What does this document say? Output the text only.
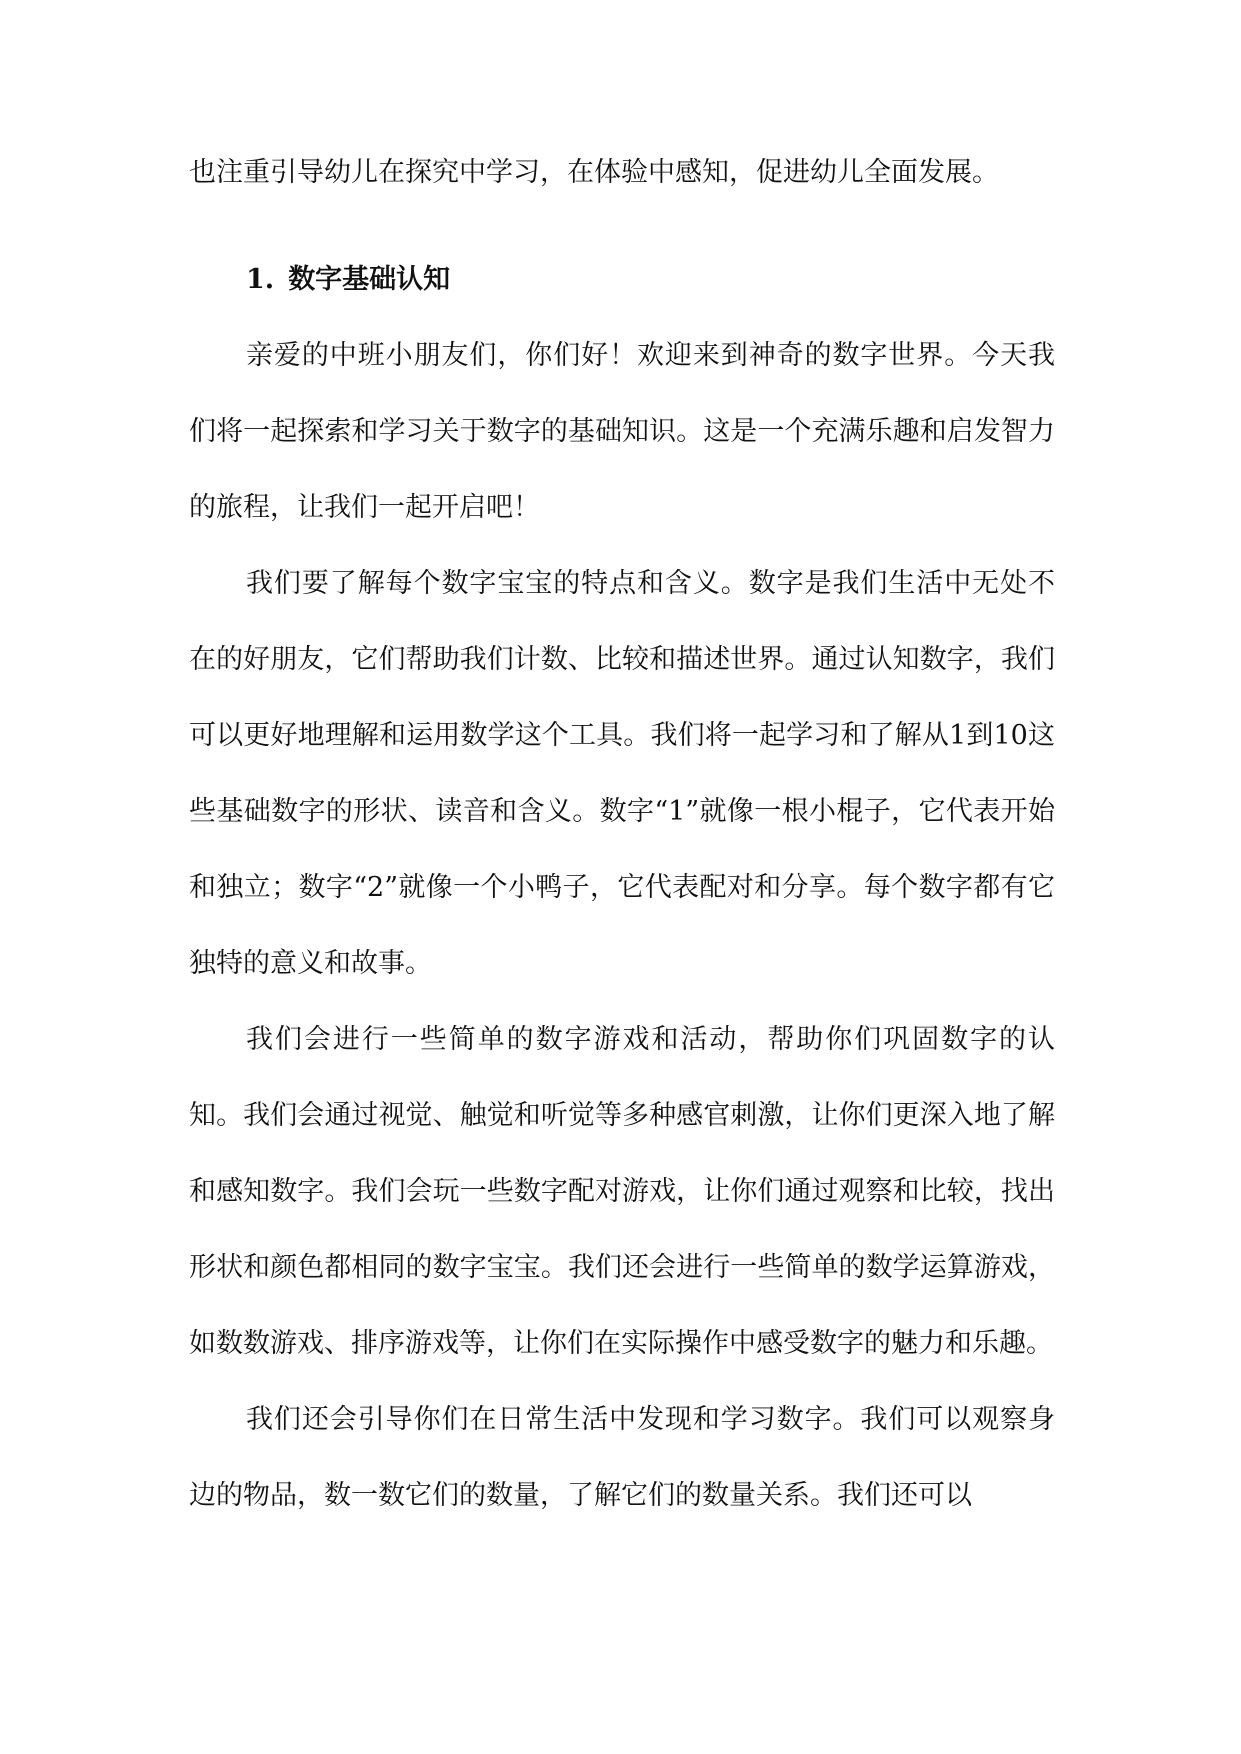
也注重引导幼儿在探究中学习，在体验中感知，促进幼儿全面发展。
1. 数字基础认知

亲爱的中班小朋友们，你们好！欢迎来到神奇的数字世界。今天我们将一起探索和学习关于数字的基础知识。这是一个充满乐趣和启发智力的旅程，让我们一起开启吧！

我们要了解每个数字宝宝的特点和含义。数字是我们生活中无处不在的好朋友，它们帮助我们计数、比较和描述世界。通过认知数字，我们可以更好地理解和运用数学这个工具。我们将一起学习和了解从1到10这些基础数字的形状、读音和含义。数字“1”就像一根小棍子，它代表开始和独立；数字“2”就像一个小鸭子，它代表配对和分享。每个数字都有它独特的意义和故事。

我们会进行一些简单的数字游戏和活动，帮助你们巩固数字的认知。我们会通过视觉、触觉和听觉等多种感官刺激，让你们更深入地了解和感知数字。我们会玩一些数字配对游戏，让你们通过观察和比较，找出形状和颜色都相同的数字宝宝。我们还会进行一些简单的数学运算游戏，如数数游戏、排序游戏等，让你们在实际操作中感受数字的魅力和乐趣。

我们还会引导你们在日常生活中发现和学习数字。我们可以观察身边的物品，数一数它们的数量，了解它们的数量关系。我们还可以
